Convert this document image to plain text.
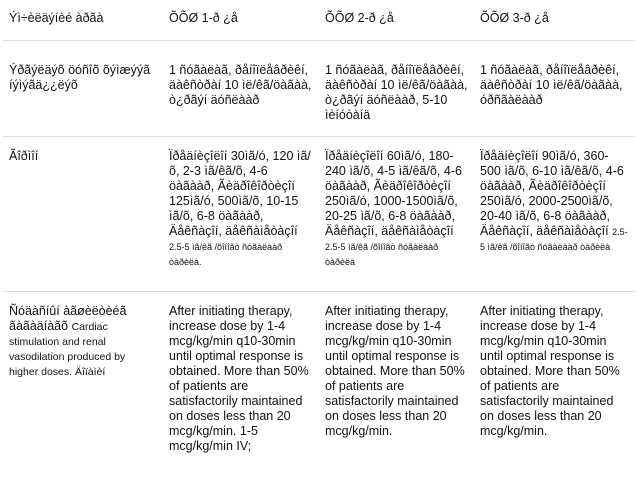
Ýì÷èëäýíèé àðãà	ÕÕØ 1-ð ¿å	ÕÕØ 2-ð ¿å	ÕÕØ 3-ð ¿å
Ýðãýëäýõ öóñîõ õýìæýýã íýìýãä¿¿ëýõ	1 ñóãàëàã, ðåíîïëåâðèêí, äàêñòðàí 10 ìë/êã/öàãàà, ò¿ðãýí äóñëààð	1 ñóãàëàã, ðåíîïëåâðèêí, äàêñòðàí 10 ìë/êã/öàãàà, ò¿ðãýí äóñëààð, 5-10 ìèíóòàíä	1 ñóãàëàã, ðåíîïëåâðèêí, äàêñòðàí 10 ìë/êã/öàãàà, óðñãàëààð
Ãîðìîí	Ïðåäíèçîëîí 30ìã/ó, 120 ìã/õ, 2-3 ìã/êã/õ, 4-6 öàãààð, Ãèäðîêîðòèçîí 125ìã/ó, 500ìã/õ, 10-15 ìã/õ, 6-8 öàãààð, Äåêñàçîí, äåêñàìåòàçîí 2.5-5 ìã/êã /õîíîãò ñóãàëààð òàðèëà.	Ïðåäíèçîëîí 60ìã/ó, 180-240 ìã/õ, 4-5 ìã/êã/õ, 4-6 öàãààð, Ãèäðîêîðòèçîí 250ìã/ó, 1000-1500ìã/õ, 20-25 ìã/õ, 6-8 öàãààð, Äåêñàçîí, äåêñàìåòàçîí 2.5-5 ìã/êã /õîíîãò ñóãàëààð òàðèëà	Ïðåäíèçîëîí 90ìã/ó, 360-500 ìã/õ, 6-10 ìã/êã/õ, 4-6 öàãààð, Ãèäðîêîðòèçîí 250ìã/ó, 2000-2500ìã/õ, 20-40 ìã/õ, 6-8 öàãààð, Äåêñàçîí, äåêñàìåòàçîí 2.5-5 ìã/êã /õîíîãò ñóãàëààð òàðèëà
Ñóäàñíûí àãøèëòèéã ãàãàäíàãõ Cardiac stimulation and renal vasodilation produced by higher doses. Äîïàìèí	After initiating therapy, increase dose by 1-4 mcg/kg/min q10-30min until optimal response is obtained. More than 50% of patients are satisfactorily maintained on doses less than 20 mcg/kg/min. 1-5 mcg/kg/min IV;	After initiating therapy, increase dose by 1-4 mcg/kg/min q10-30min until optimal response is obtained. More than 50% of patients are satisfactorily maintained on doses less than 20 mcg/kg/min.	After initiating therapy, increase dose by 1-4 mcg/kg/min q10-30min until optimal response is obtained. More than 50% of patients are satisfactorily maintained on doses less than 20 mcg/kg/min.
